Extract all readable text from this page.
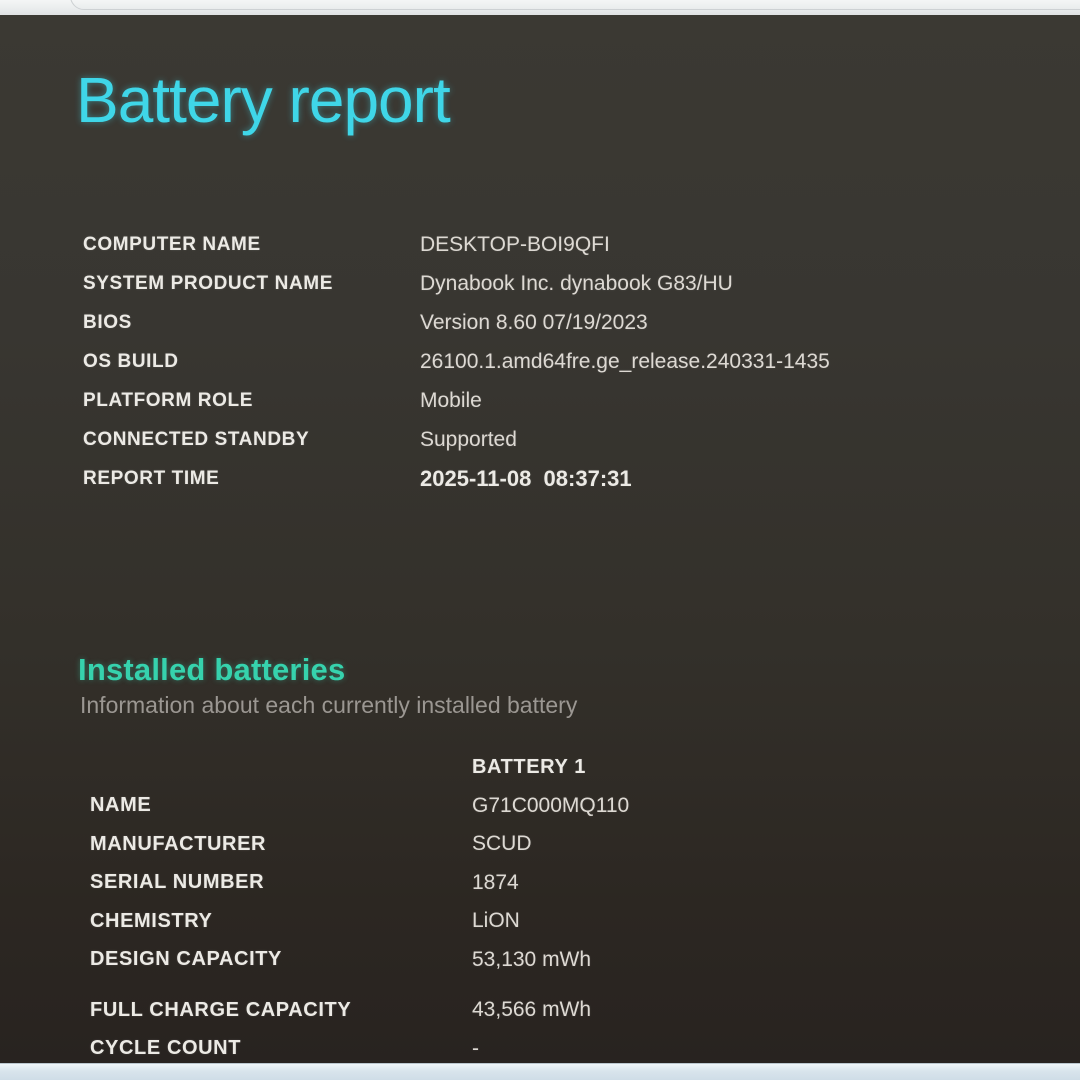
Battery report
COMPUTER NAME	DESKTOP-BOI9QFI
SYSTEM PRODUCT NAME	Dynabook Inc. dynabook G83/HU
BIOS	Version 8.60 07/19/2023
OS BUILD	26100.1.amd64fre.ge_release.240331-1435
PLATFORM ROLE	Mobile
CONNECTED STANDBY	Supported
REPORT TIME	2025-11-08  08:37:31
Installed batteries
Information about each currently installed battery
BATTERY 1
NAME	G71C000MQ110
MANUFACTURER	SCUD
SERIAL NUMBER	1874
CHEMISTRY	LiON
DESIGN CAPACITY	53,130 mWh
FULL CHARGE CAPACITY	43,566 mWh
CYCLE COUNT	-
